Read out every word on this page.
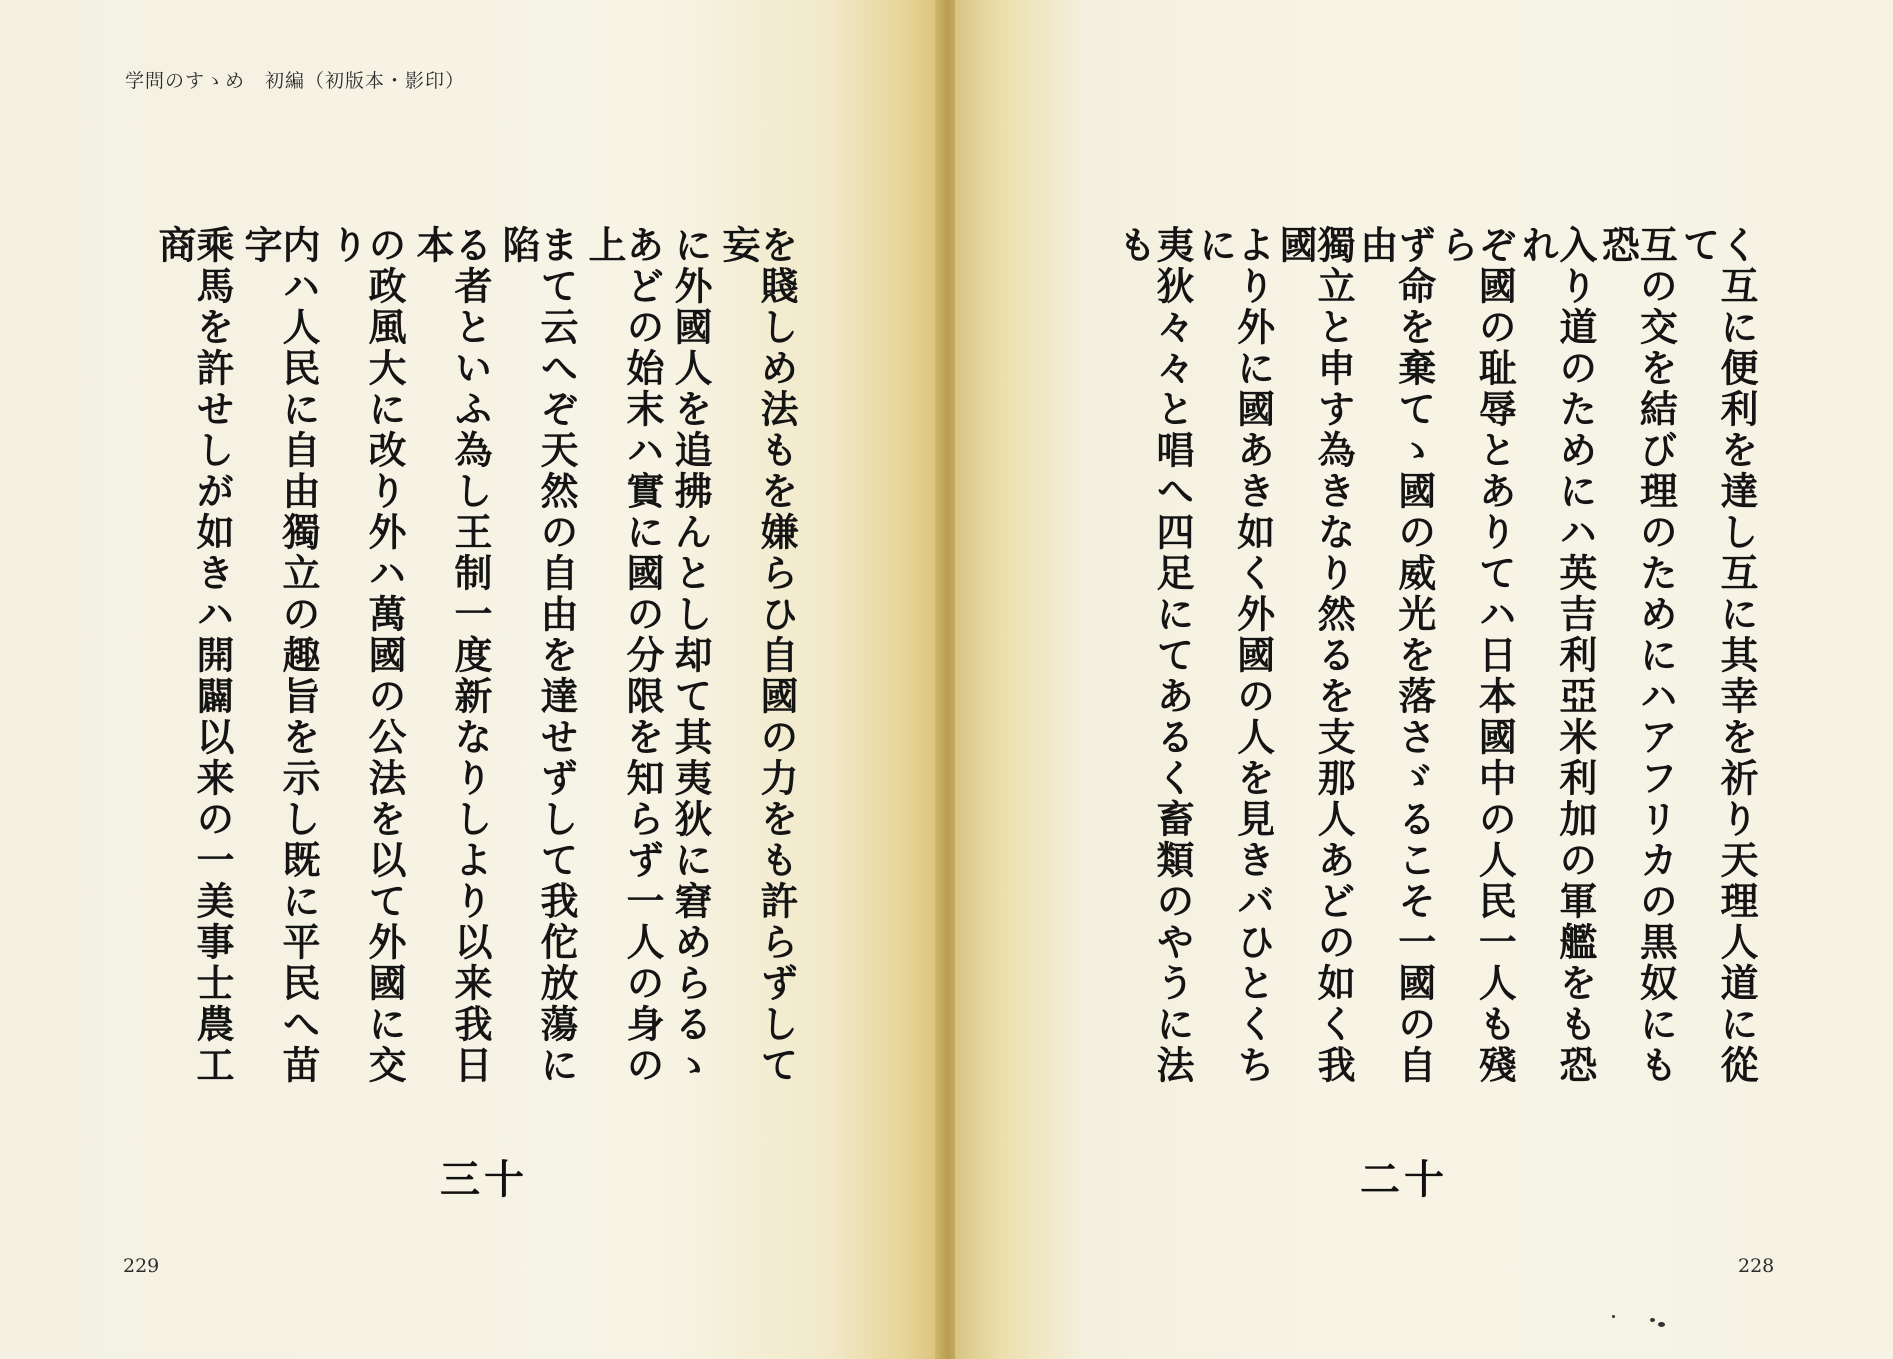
学問のすゝめ　初編（初版本・影印）
を賤しめ法もを嫌らひ自國の力をも許らずして妄
に外國人を追拂んとし却て其夷狄に窘めらるゝ
あどの始末ハ實に國の分限を知らず一人の身の上
まて云へぞ天然の自由を達せずして我佗放蕩に陷
る者といふ為し王制一度新なりしより以来我日本
の政風大に改り外ハ萬國の公法を以て外國に交り
内ハ人民に自由獨立の趣旨を示し既に平民へ苗字
乘馬を許せしが如きハ開闢以来の一美事士農工商	く互に便利を達し互に其幸を祈り天理人道に從て
互の交を結び理のためにハアフリカの黒奴にも恐
入り道のためにハ英吉利亞米利加の軍艦をも恐れ
ぞ國の耻辱とありてハ日本國中の人民一人も殘ら
ず命を棄てゝ國の威光を落さゞるこそ一國の自由
獨立と申す為きなり然るを支那人あどの如く我國
より外に國あき如く外國の人を見きバひとくちに
夷狄々々と唱へ四足にてあるく畜類のやうに法も
三十	二十
229	228
